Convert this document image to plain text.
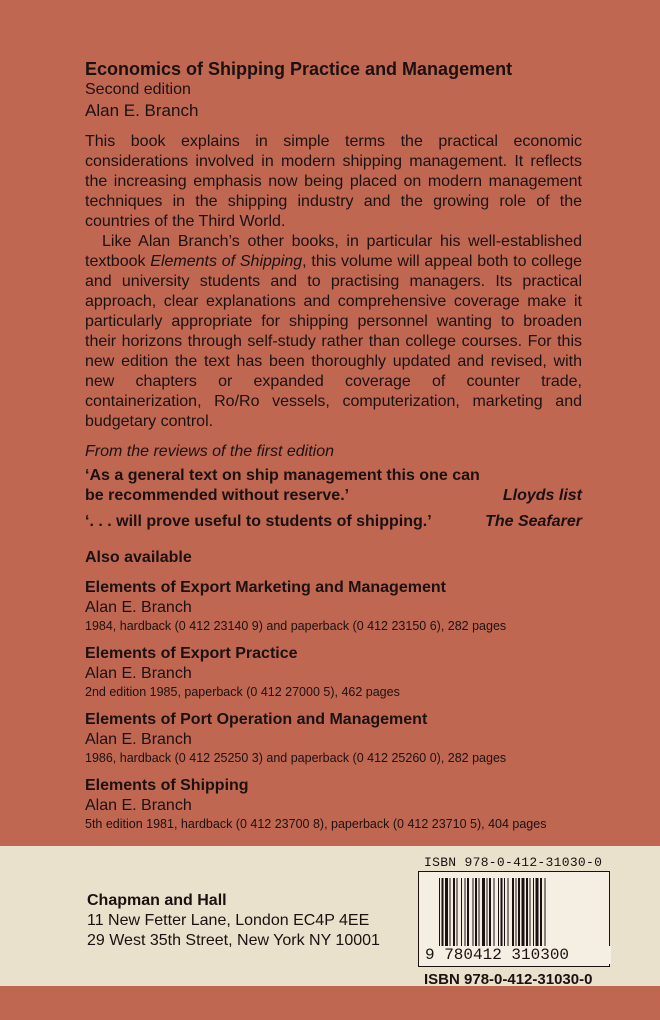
Economics of Shipping Practice and Management
Second edition
Alan E. Branch

This book explains in simple terms the practical economic considerations involved in modern shipping management. It reflects the increasing emphasis now being placed on modern management techniques in the shipping industry and the growing role of the countries of the Third World.

Like Alan Branch’s other books, in particular his well-established textbook Elements of Shipping, this volume will appeal both to college and university students and to practising managers. Its practical approach, clear explanations and comprehensive coverage make it particularly appropriate for shipping personnel wanting to broaden their horizons through self-study rather than college courses. For this new edition the text has been thoroughly updated and revised, with new chapters or expanded coverage of counter trade, containerization, Ro/Ro vessels, computerization, marketing and budgetary control.

From the reviews of the first edition
‘As a general text on ship management this one can be recommended without reserve.’	Lloyds list
‘. . . will prove useful to students of shipping.’	The Seafarer
Also available
Elements of Export Marketing and Management
Alan E. Branch
1984, hardback (0 412 23140 9) and paperback (0 412 23150 6), 282 pages
Elements of Export Practice
Alan E. Branch
2nd edition 1985, paperback (0 412 27000 5), 462 pages
Elements of Port Operation and Management
Alan E. Branch
1986, hardback (0 412 25250 3) and paperback (0 412 25260 0), 282 pages
Elements of Shipping
Alan E. Branch
5th edition 1981, hardback (0 412 23700 8), paperback (0 412 23710 5), 404 pages
Chapman and Hall
11 New Fetter Lane, London EC4P 4EE
29 West 35th Street, New York NY 10001
ISBN 978-0-412-31030-0
9 780412 310300
ISBN 978-0-412-31030-0
